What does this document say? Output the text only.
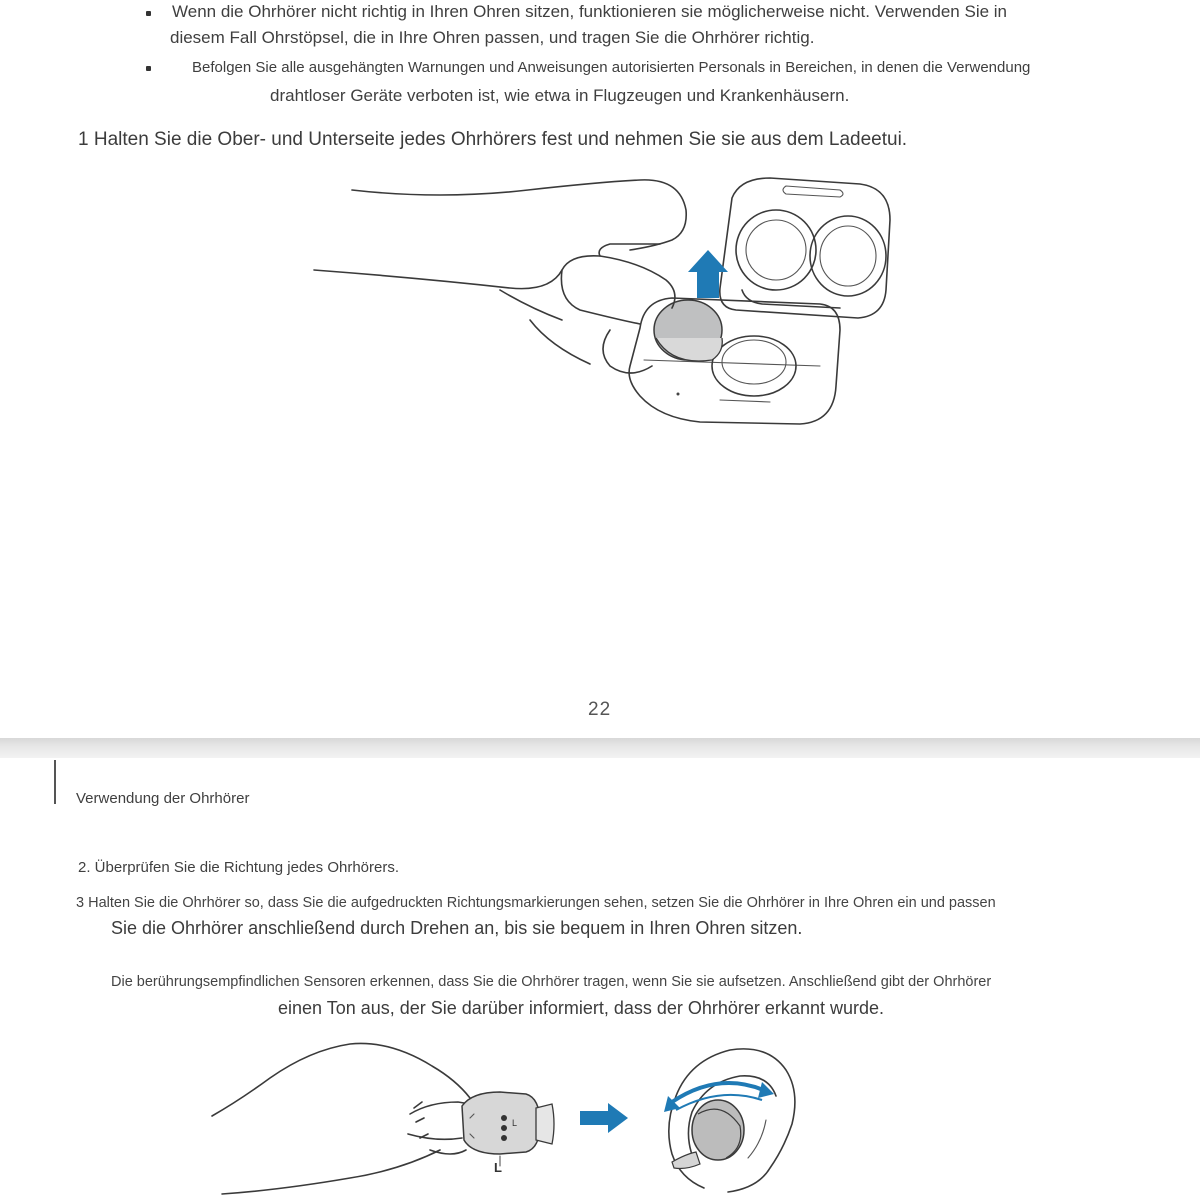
Wenn die Ohrhörer nicht richtig in Ihren Ohren sitzen, funktionieren sie möglicherweise nicht. Verwenden Sie in
diesem Fall Ohrstöpsel, die in Ihre Ohren passen, und tragen Sie die Ohrhörer richtig.
Befolgen Sie alle ausgehängten Warnungen und Anweisungen autorisierten Personals in Bereichen, in denen die Verwendung
drahtloser Geräte verboten ist, wie etwa in Flugzeugen und Krankenhäusern.
1 Halten Sie die Ober- und Unterseite jedes Ohrhörers fest und nehmen Sie sie aus dem Ladeetui.
22
Verwendung der Ohrhörer
2. Überprüfen Sie die Richtung jedes Ohrhörers.
3 Halten Sie die Ohrhörer so, dass Sie die aufgedruckten Richtungsmarkierungen sehen, setzen Sie die Ohrhörer in Ihre Ohren ein und passen
Sie die Ohrhörer anschließend durch Drehen an, bis sie bequem in Ihren Ohren sitzen.
Die berührungsempfindlichen Sensoren erkennen, dass Sie die Ohrhörer tragen, wenn Sie sie aufsetzen. Anschließend gibt der Ohrhörer
einen Ton aus, der Sie darüber informiert, dass der Ohrhörer erkannt wurde.
L
L
